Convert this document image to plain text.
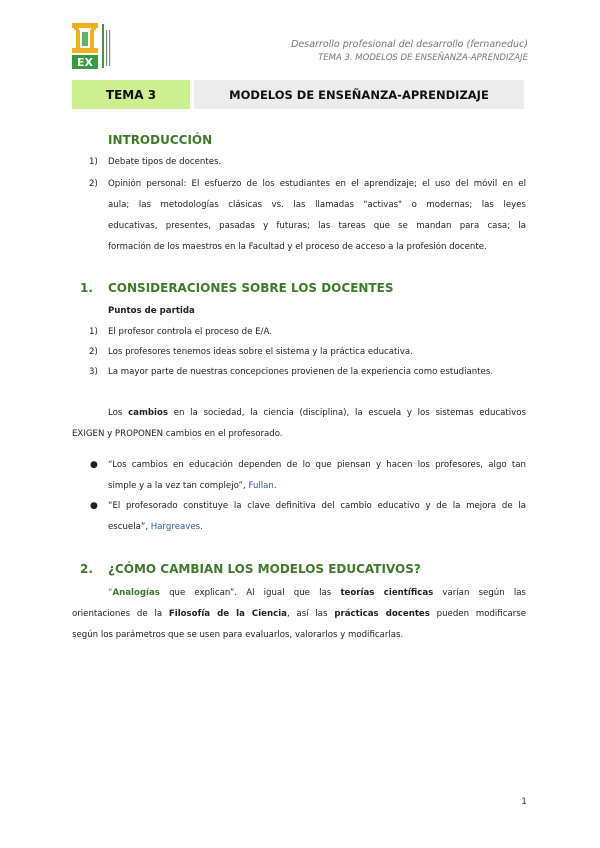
EX
Desarrollo profesional del desarrollo (fernaneduc)
TEMA 3. MODELOS DE ENSEÑANZA-APRENDIZAJE
TEMA 3	MODELOS DE ENSEÑANZA-APRENDIZAJE
INTRODUCCIÓN
1) Debate tipos de docentes.
2) Opinión personal: El esfuerzo de los estudiantes en el aprendizaje; el uso del móvil en el
aula; las metodologías clásicas vs. las llamadas "activas" o modernas; las leyes
educativas, presentes, pasadas y futuras; las tareas que se mandan para casa; la
formación de los maestros en la Facultad y el proceso de acceso a la profesión docente.
1. CONSIDERACIONES SOBRE LOS DOCENTES
Puntos de partida
1) El profesor controla el proceso de E/A.
2) Los profesores tenemos ideas sobre el sistema y la práctica educativa.
3) La mayor parte de nuestras concepciones provienen de la experiencia como estudiantes.
Los cambios en la sociedad, la ciencia (disciplina), la escuela y los sistemas educativos
EXIGEN y PROPONEN cambios en el profesorado.
● “Los cambios en educación dependen de lo que piensan y hacen los profesores, algo tan
simple y a la vez tan complejo”, Fullan.
● “El profesorado constituye la clave definitiva del cambio educativo y de la mejora de la
escuela”, Hargreaves.
2. ¿CÓMO CAMBIAN LOS MODELOS EDUCATIVOS?
“Analogías que explican”. Al igual que las teorías científicas varían según las
orientaciones de la Filosofía de la Ciencia, así las prácticas docentes pueden modificarse
según los parámetros que se usen para evaluarlos, valorarlos y modificarlas.
1
